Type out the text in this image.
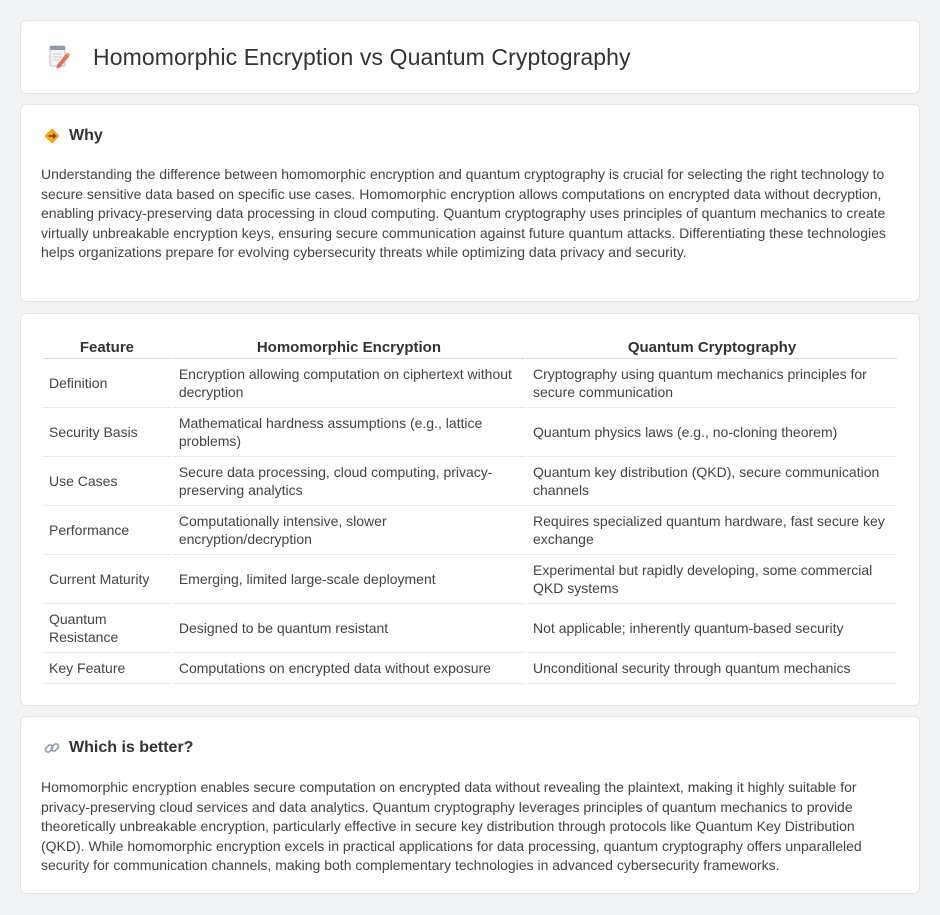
Homomorphic Encryption vs Quantum Cryptography
Why

Understanding the difference between homomorphic encryption and quantum cryptography is crucial for selecting the right technology to secure sensitive data based on specific use cases. Homomorphic encryption allows computations on encrypted data without decryption, enabling privacy-preserving data processing in cloud computing. Quantum cryptography uses principles of quantum mechanics to create virtually unbreakable encryption keys, ensuring secure communication against future quantum attacks. Differentiating these technologies helps organizations prepare for evolving cybersecurity threats while optimizing data privacy and security.

Feature	Homomorphic Encryption	Quantum Cryptography
Definition	Encryption allowing computation on ciphertext without decryption	Cryptography using quantum mechanics principles for secure communication
Security Basis	Mathematical hardness assumptions (e.g., lattice problems)	Quantum physics laws (e.g., no-cloning theorem)
Use Cases	Secure data processing, cloud computing, privacy-preserving analytics	Quantum key distribution (QKD), secure communication channels
Performance	Computationally intensive, slower encryption/decryption	Requires specialized quantum hardware, fast secure key exchange
Current Maturity	Emerging, limited large-scale deployment	Experimental but rapidly developing, some commercial QKD systems
Quantum Resistance	Designed to be quantum resistant	Not applicable; inherently quantum-based security
Key Feature	Computations on encrypted data without exposure	Unconditional security through quantum mechanics
Which is better?

Homomorphic encryption enables secure computation on encrypted data without revealing the plaintext, making it highly suitable for privacy-preserving cloud services and data analytics. Quantum cryptography leverages principles of quantum mechanics to provide theoretically unbreakable encryption, particularly effective in secure key distribution through protocols like Quantum Key Distribution (QKD). While homomorphic encryption excels in practical applications for data processing, quantum cryptography offers unparalleled security for communication channels, making both complementary technologies in advanced cybersecurity frameworks.
